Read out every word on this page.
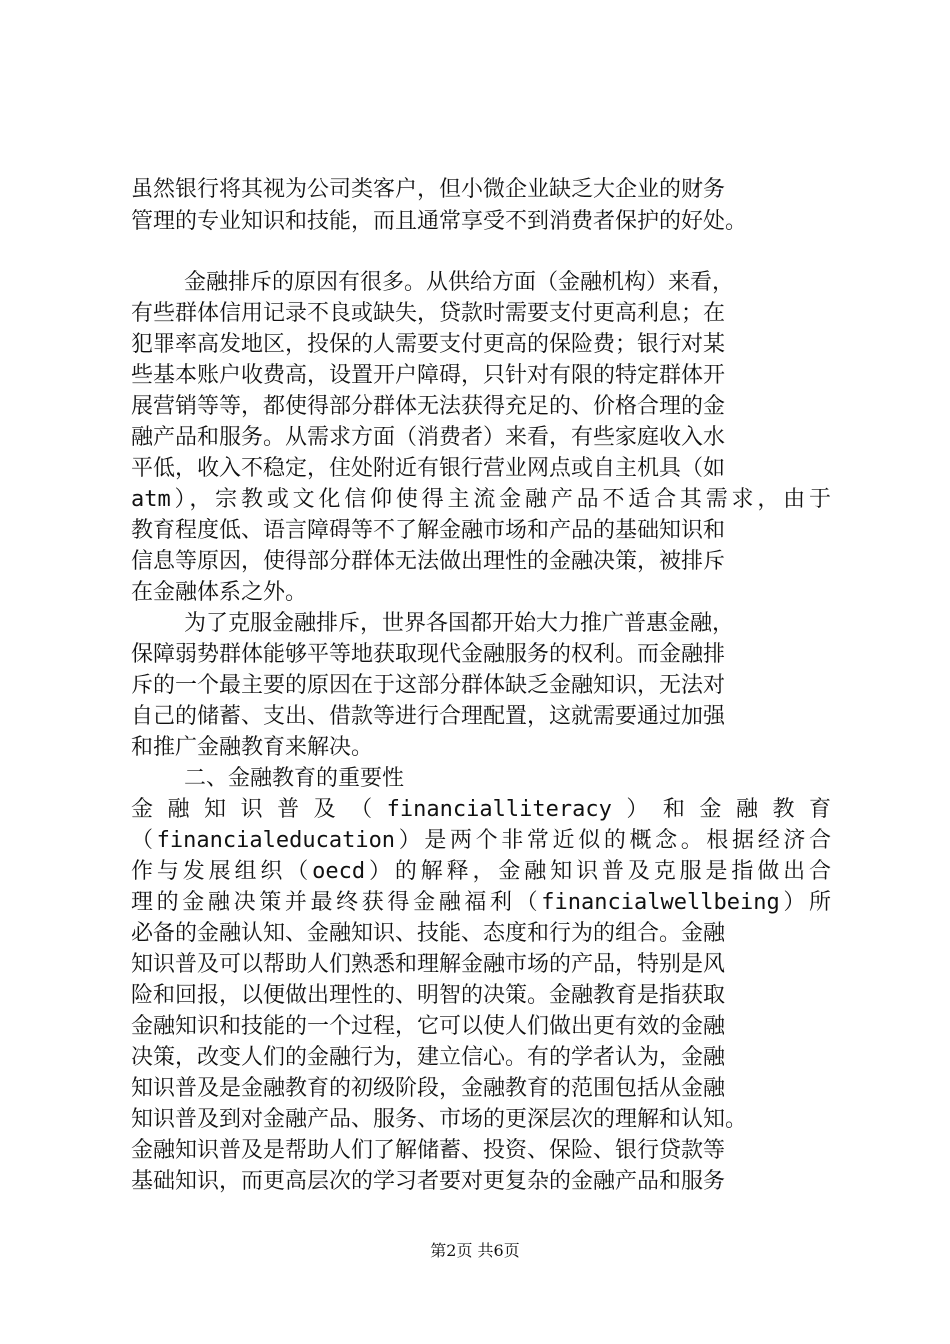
虽然银行将其视为公司类客户，但小微企业缺乏大企业的财务
管理的专业知识和技能，而且通常享受不到消费者保护的好处。
金融排斥的原因有很多。从供给方面（金融机构）来看，
有些群体信用记录不良或缺失，贷款时需要支付更高利息；在
犯罪率高发地区，投保的人需要支付更高的保险费；银行对某
些基本账户收费高，设置开户障碍，只针对有限的特定群体开
展营销等等，都使得部分群体无法获得充足的、价格合理的金
融产品和服务。从需求方面（消费者）来看，有些家庭收入水
平低，收入不稳定，住处附近有银行营业网点或自主机具（如
atm），宗教或文化信仰使得主流金融产品不适合其需求，由于
教育程度低、语言障碍等不了解金融市场和产品的基础知识和
信息等原因，使得部分群体无法做出理性的金融决策，被排斥
在金融体系之外。
为了克服金融排斥，世界各国都开始大力推广普惠金融，
保障弱势群体能够平等地获取现代金融服务的权利。而金融排
斥的一个最主要的原因在于这部分群体缺乏金融知识，无法对
自己的储蓄、支出、借款等进行合理配置，这就需要通过加强
和推广金融教育来解决。
二、金融教育的重要性
金融知识普及（financialliteracy）和金融教育
（financialeducation）是两个非常近似的概念。根据经济合
作与发展组织（oecd）的解释，金融知识普及克服是指做出合
理的金融决策并最终获得金融福利（financialwellbeing）所
必备的金融认知、金融知识、技能、态度和行为的组合。金融
知识普及可以帮助人们熟悉和理解金融市场的产品，特别是风
险和回报，以便做出理性的、明智的决策。金融教育是指获取
金融知识和技能的一个过程，它可以使人们做出更有效的金融
决策，改变人们的金融行为，建立信心。有的学者认为，金融
知识普及是金融教育的初级阶段，金融教育的范围包括从金融
知识普及到对金融产品、服务、市场的更深层次的理解和认知。
金融知识普及是帮助人们了解储蓄、投资、保险、银行贷款等
基础知识，而更高层次的学习者要对更复杂的金融产品和服务
第2页 共6页
